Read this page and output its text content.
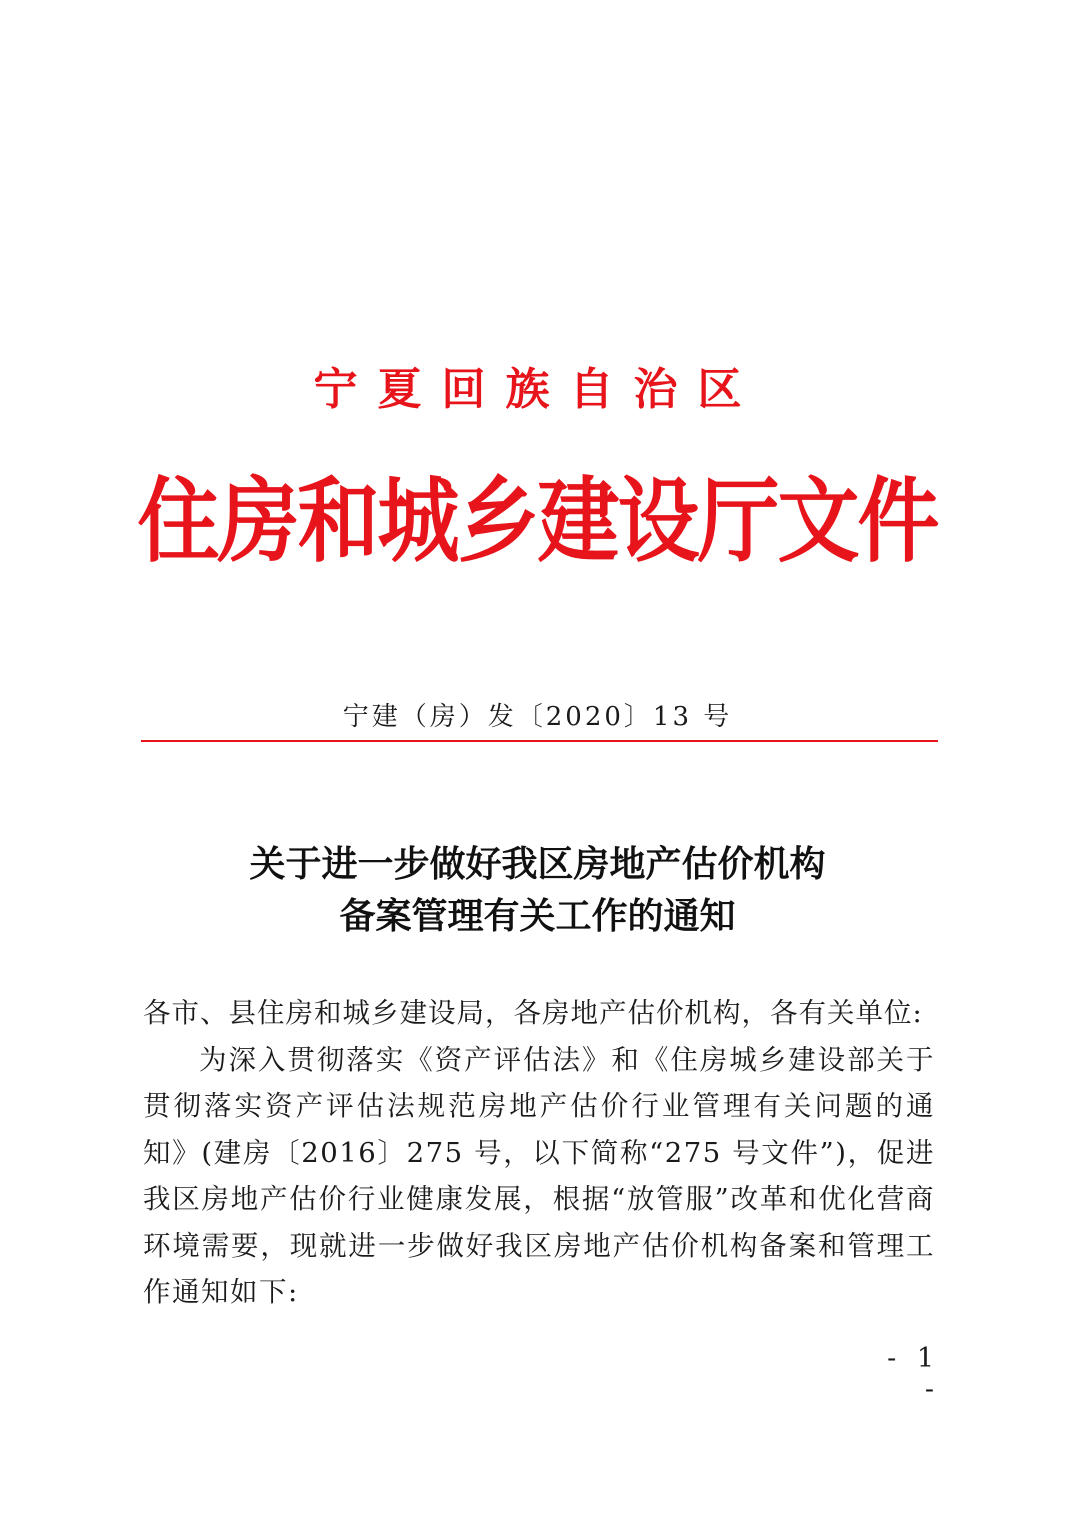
宁夏回族自治区
住房和城乡建设厅文件
宁建（房）发〔2020〕13 号
关于进一步做好我区房地产估价机构
备案管理有关工作的通知
各市、县住房和城乡建设局，各房地产估价机构，各有关单位:
为深入贯彻落实《资产评估法》和《住房城乡建设部关于贯彻落实资产评估法规范房地产估价行业管理有关问题的通知》(建房〔2016〕275 号，以下简称“275 号文件”)，促进我区房地产估价行业健康发展，根据“放管服”改革和优化营商环境需要，现就进一步做好我区房地产估价机构备案和管理工作通知如下:
- 1 -
